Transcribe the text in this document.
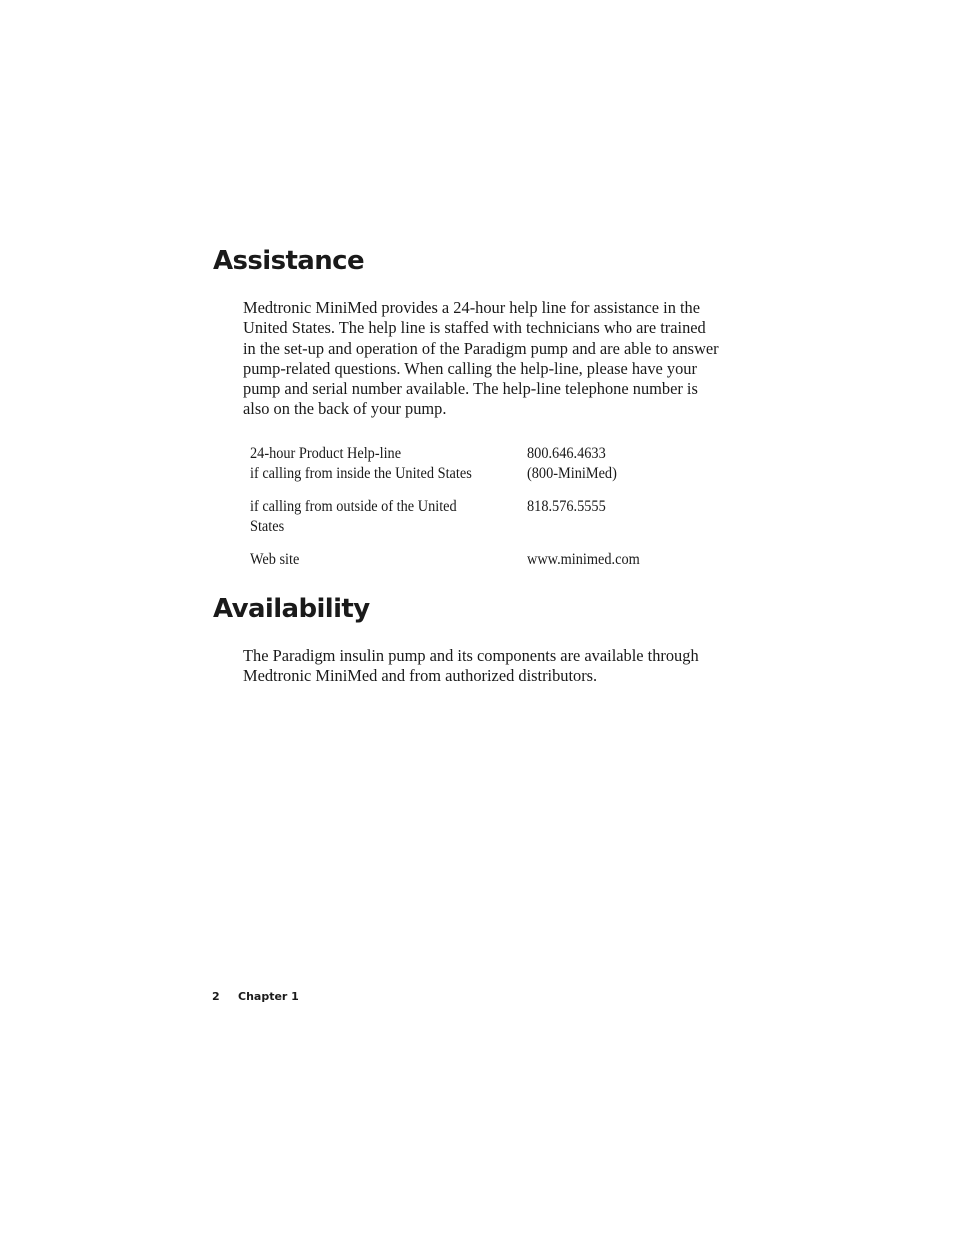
Assistance

Medtronic MiniMed provides a 24-hour help line for assistance in the United States. The help line is staffed with technicians who are trained in the set-up and operation of the Paradigm pump and are able to answer pump-related questions. When calling the help-line, please have your pump and serial number available. The help-line telephone number is also on the back of your pump.

24-hour Product Help-line
if calling from inside the United States
800.646.4633
(800-MiniMed)
if calling from outside of the United
States
818.576.5555
Web site	www.minimed.com
Availability

The Paradigm insulin pump and its components are available through Medtronic MiniMed and from authorized distributors.

2 Chapter 1
